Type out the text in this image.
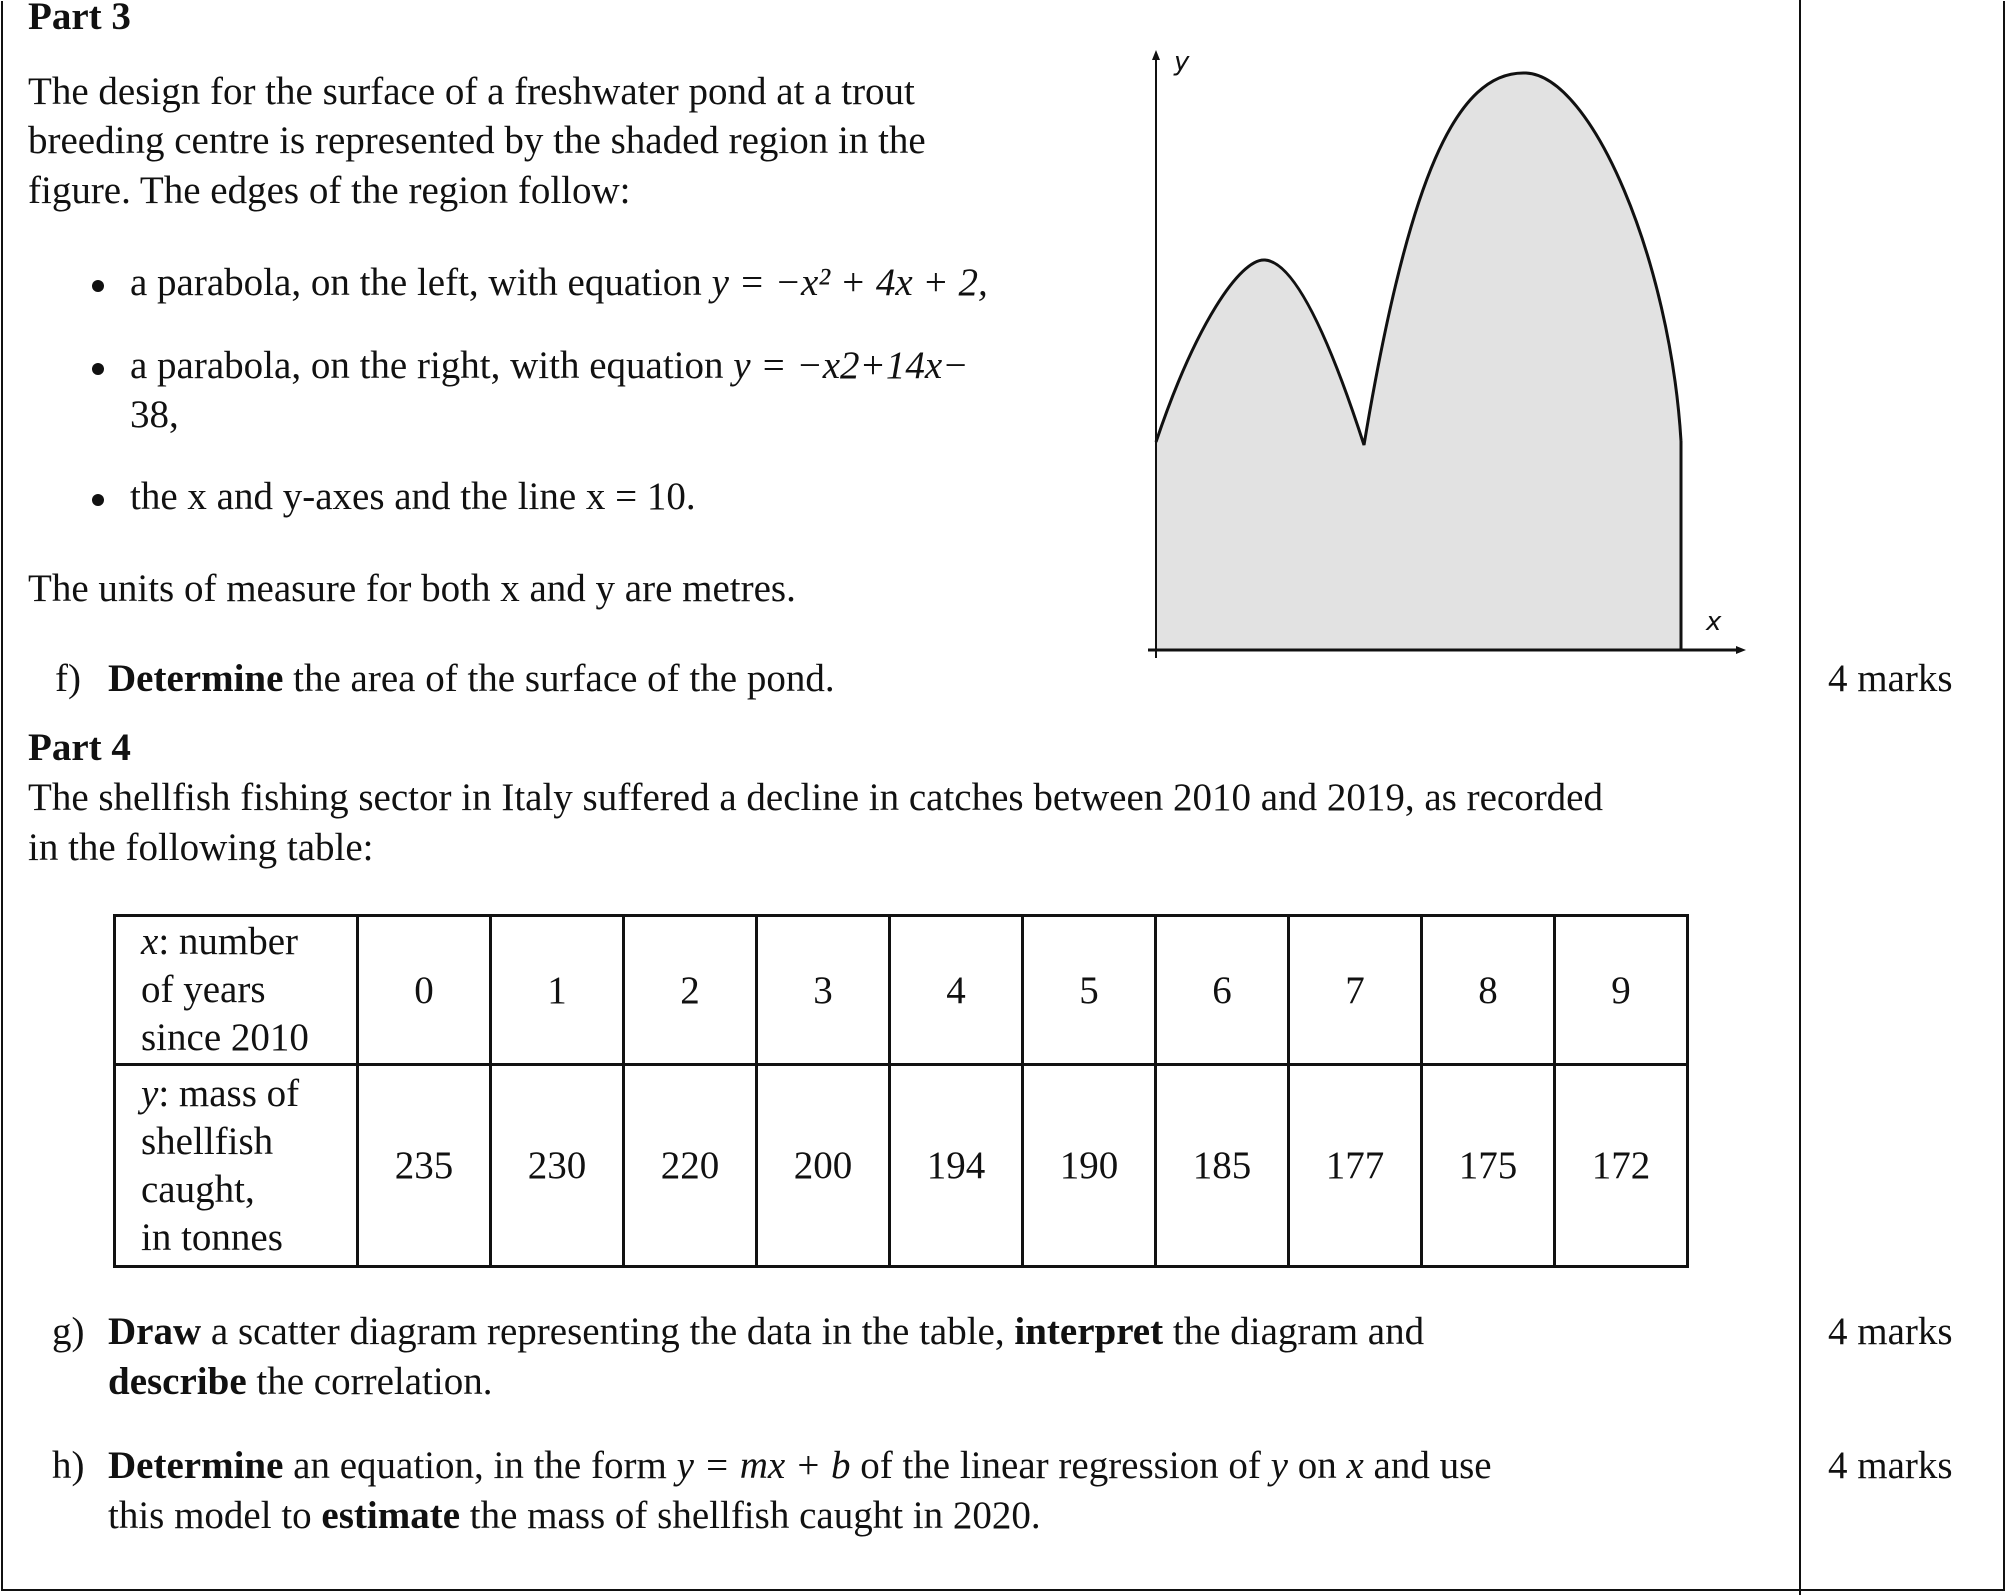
Part 3
The design for the surface of a freshwater pond at a trout
breeding centre is represented by the shaded region in the
figure. The edges of the region follow:
a parabola, on the left, with equation y = −x² + 4x + 2,
a parabola, on the right, with equation y = −x2+14x−
38,
the x and y-axes and the line x = 10.
The units of measure for both x and y are metres.
f) Determine the area of the surface of the pond.	4 marks
y
x
Part 4
The shellfish fishing sector in Italy suffered a decline in catches between 2010 and 2019, as recorded
in the following table:
x: number
of years
since 2010	0	1	2	3	4	5	6	7	8	9

y: mass of
shellfish
caught,
in tonnes	235	230	220	200	194	190	185	177	175	172
g) Draw a scatter diagram representing the data in the table, interpret the diagram and
describe the correlation.
4 marks
h) Determine an equation, in the form y = mx + b of the linear regression of y on x and use
this model to estimate the mass of shellfish caught in 2020.
4 marks
